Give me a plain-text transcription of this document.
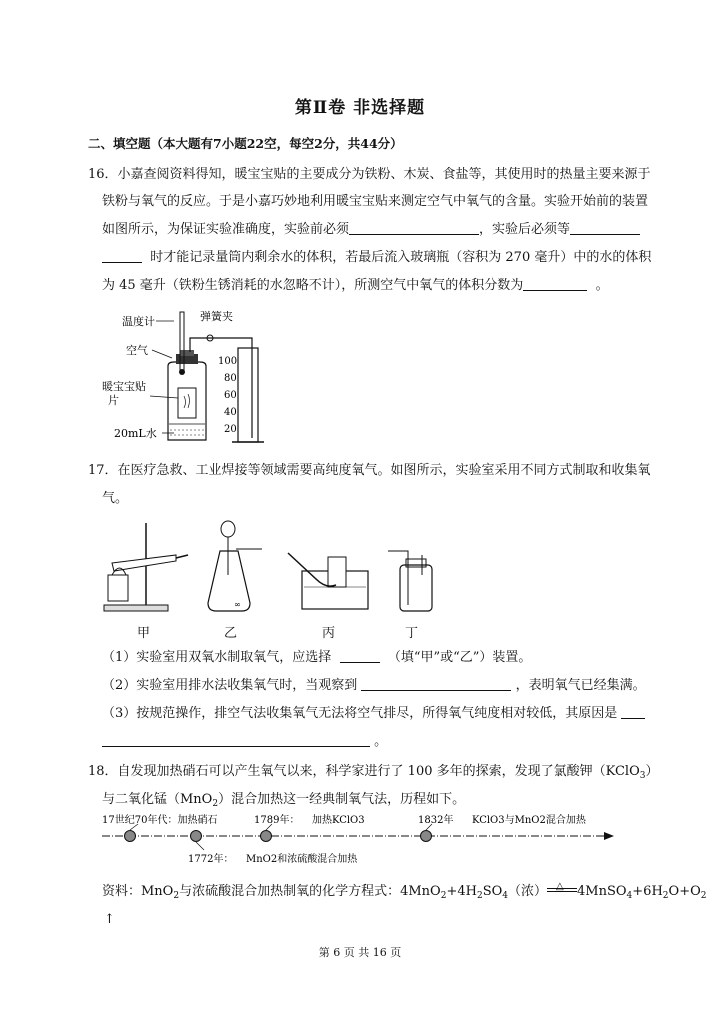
第Ⅱ卷 非选择题
二、填空题（本大题有7小题22空，每空2分，共44分）
16．小嘉查阅资料得知，暖宝宝贴的主要成分为铁粉、木炭、食盐等，其使用时的热量主要来源于
铁粉与氧气的反应。于是小嘉巧妙地利用暖宝宝贴来测定空气中氧气的含量。实验开始前的装置
如图所示，为保证实验准确度，实验前必须	，实验后必须等
时才能记录量筒内剩余水的体积，若最后流入玻璃瓶（容积为 270 毫升）中的水的体积
为 45 毫升（铁粉生锈消耗的水忽略不计），所测空气中氧气的体积分数为	。
温度计	弹簧夹
空气
暖宝宝贴
片
20mL水
100
80
60
40
20
17．在医疗急救、工业焊接等领域需要高纯度氧气。如图所示，实验室采用不同方式制取和收集氧
气。
∞
甲	乙	丙	丁
（1）实验室用双氧水制取氧气，应选择	（填“甲”或“乙”）装置。
（2）实验室用排水法收集氧气时，当观察到	，表明氧气已经集满。
（3）按规范操作，排空气法收集氧气无法将空气排尽，所得氧气纯度相对较低，其原因是
。
18．自发现加热硝石可以产生氧气以来，科学家进行了 100 多年的探索，发现了氯酸钾（KClO$_3$）
与二氧化锰（MnO$_2$）混合加热这一经典制氧气法，历程如下。
17世纪70年代：加热硝石	1789年： 加热KClO3	1832年 KClO3与MnO2混合加热
1772年： MnO2和浓硫酸混合加热
资料：MnO$_2$与浓硫酸混合加热制氧的化学方程式：$4MnO_2+4H_2SO_4$（浓） △ $4MnSO_4+6H_2O+O_2$
↑
第 6 页 共 16 页
